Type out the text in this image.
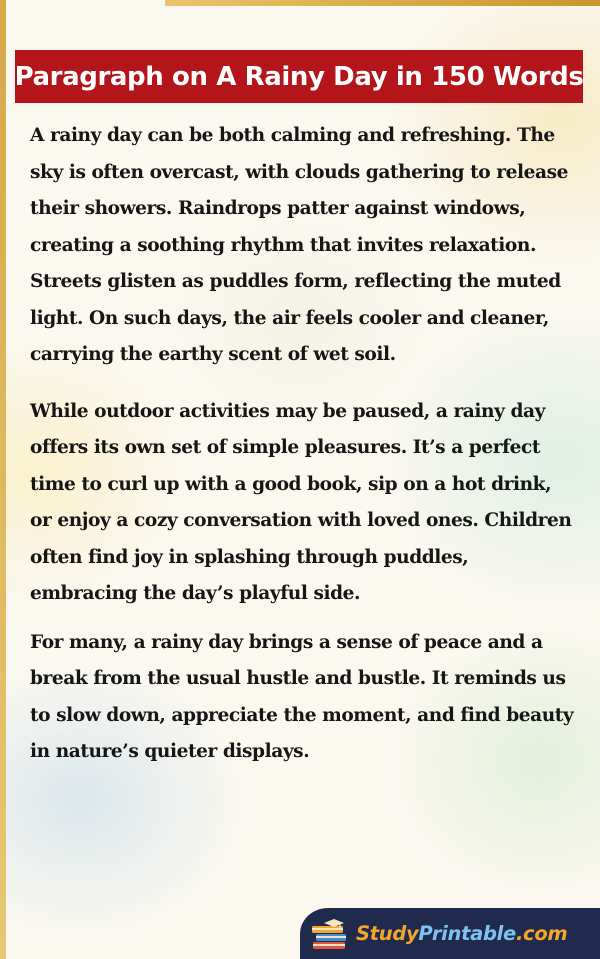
Paragraph on A Rainy Day in 150 Words

A rainy day can be both calming and refreshing. The sky is often overcast, with clouds gathering to release their showers. Raindrops patter against windows, creating a soothing rhythm that invites relaxation. Streets glisten as puddles form, reflecting the muted light. On such days, the air feels cooler and cleaner, carrying the earthy scent of wet soil.

While outdoor activities may be paused, a rainy day offers its own set of simple pleasures. It’s a perfect time to curl up with a good book, sip on a hot drink, or enjoy a cozy conversation with loved ones. Children often find joy in splashing through puddles, embracing the day’s playful side.

For many, a rainy day brings a sense of peace and a break from the usual hustle and bustle. It reminds us to slow down, appreciate the moment, and find beauty in nature’s quieter displays.

StudyPrintable.com
